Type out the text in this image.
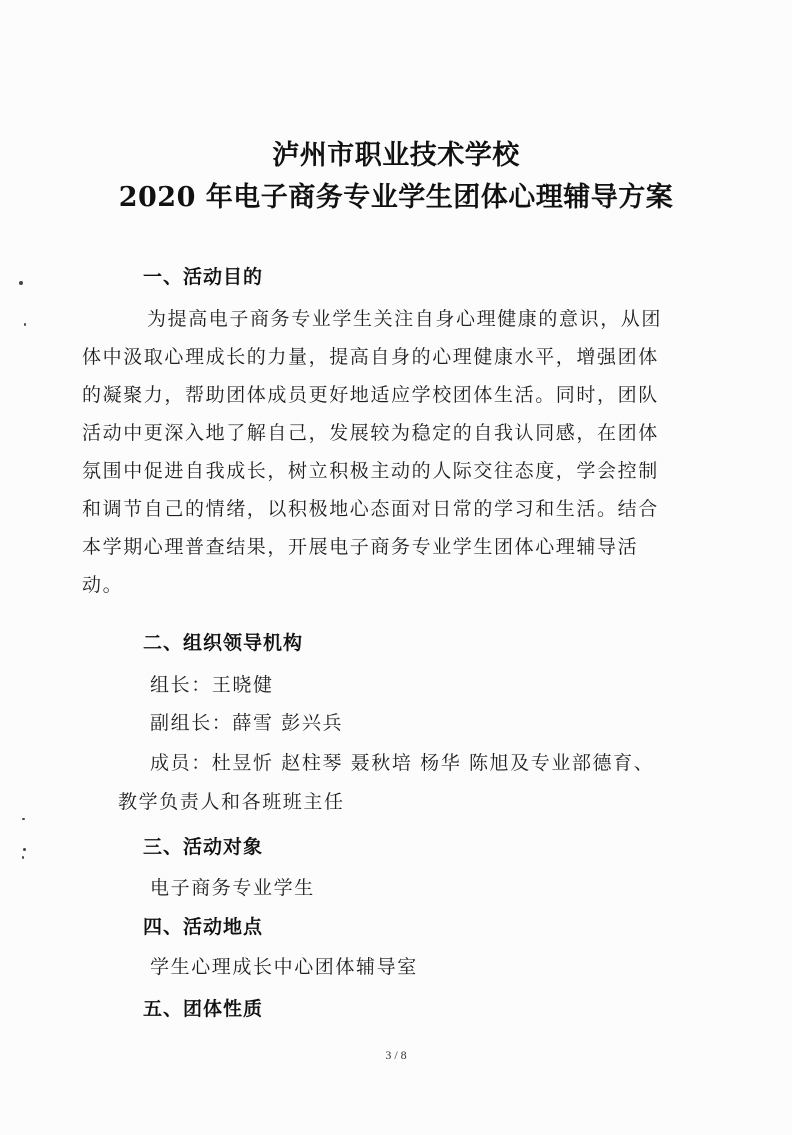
泸州市职业技术学校
2020 年电子商务专业学生团体心理辅导方案
一、活动目的
为提高电子商务专业学生关注自身心理健康的意识，从团
体中汲取心理成长的力量，提高自身的心理健康水平，增强团体
的凝聚力，帮助团体成员更好地适应学校团体生活。同时，团队
活动中更深入地了解自己，发展较为稳定的自我认同感，在团体
氛围中促进自我成长，树立积极主动的人际交往态度，学会控制
和调节自己的情绪，以积极地心态面对日常的学习和生活。结合
本学期心理普查结果，开展电子商务专业学生团体心理辅导活
动。
二、组织领导机构
组长：王晓健
副组长：薛雪 彭兴兵
成员：杜昱忻 赵柱琴 聂秋培 杨华 陈旭及专业部德育、
教学负责人和各班班主任
三、活动对象
电子商务专业学生
四、活动地点
学生心理成长中心团体辅导室
五、团体性质
3 / 8
